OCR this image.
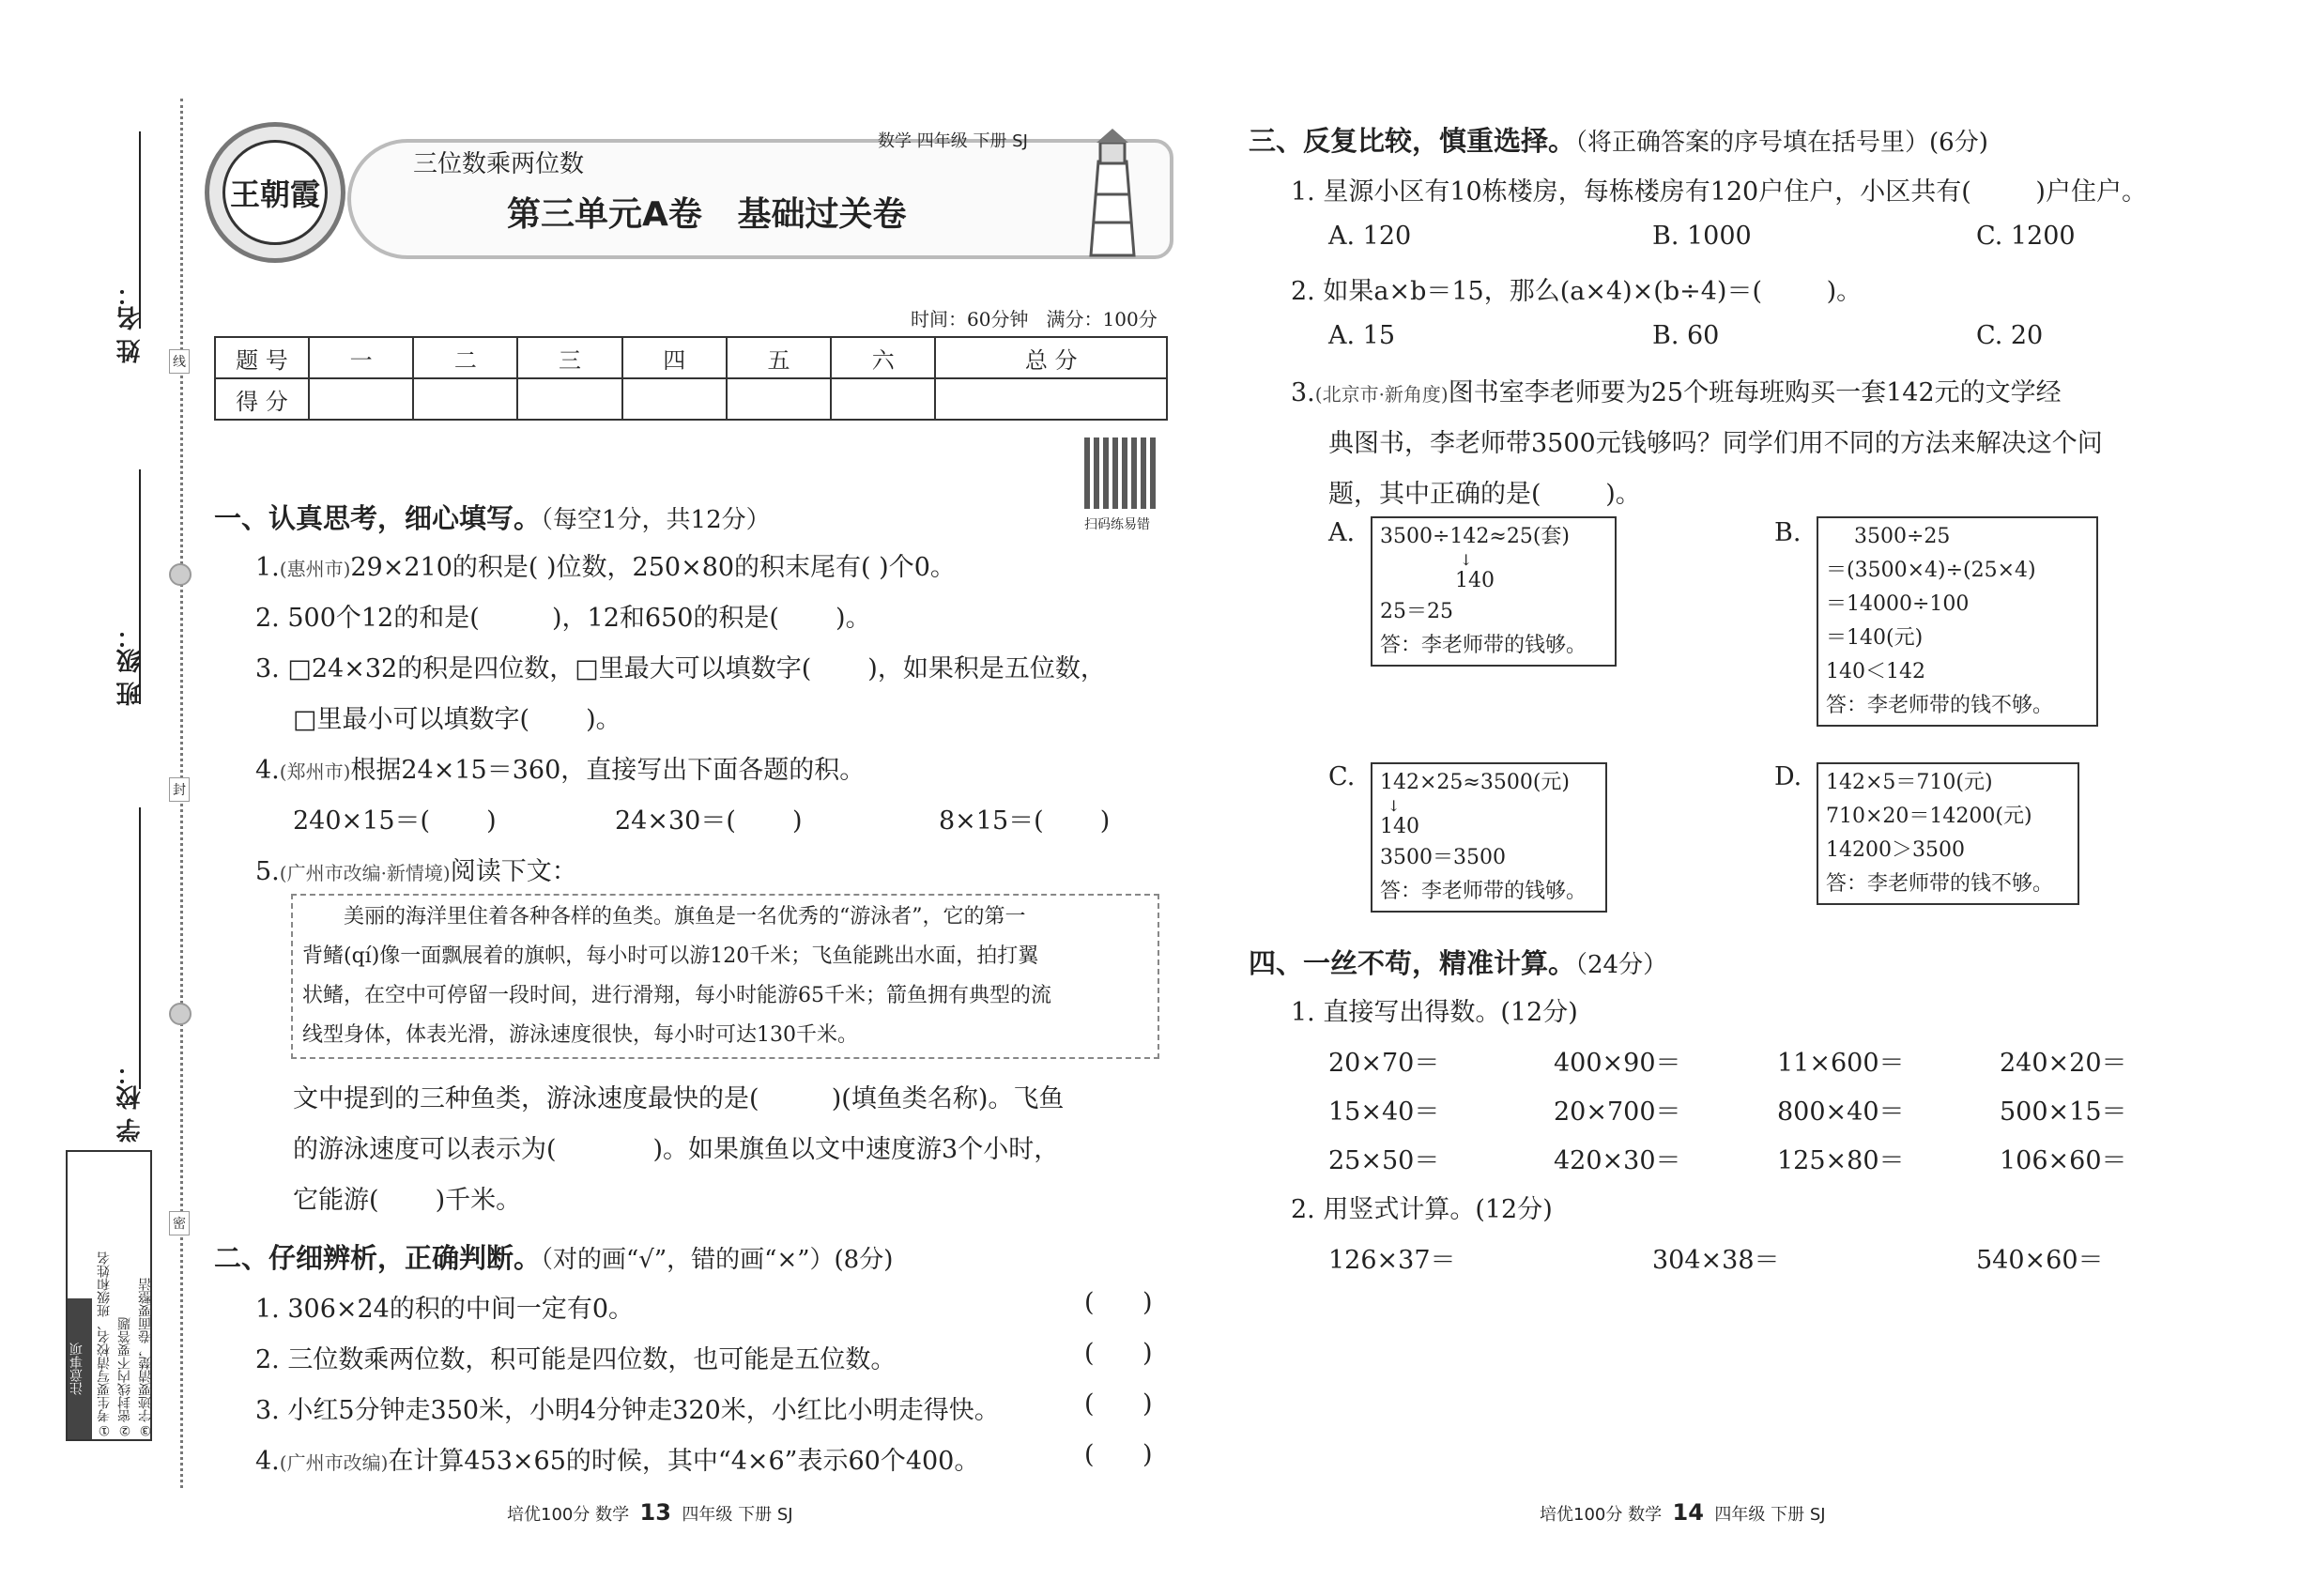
姓 名：
班 级：
学 校：
线
封
密
注意事项 ①考生要写清校名、班级和姓名 ②密封线内不要答题 ③字迹要清楚，卷面要整洁
王朝霞
三位数乘两位数
数学 四年级 下册 SJ
第三单元A卷   基础过关卷
时间：60分钟   满分：100分
题 号	一	二	三	四	五	六	总 分
得 分							
扫码练易错
一、认真思考，细心填写。（每空1分，共12分）
1.(惠州市)29×210的积是( )位数，250×80的积末尾有( )个0。
2. 500个12的和是(         )，12和650的积是(       )。
3. □24×32的积是四位数，□里最大可以填数字(       )，如果积是五位数，
□里最小可以填数字(       )。
4.(郑州市)根据24×15＝360，直接写出下面各题的积。
240×15＝(       )	24×30＝(       )	8×15＝(       )
5.(广州市改编·新情境)阅读下文：
　　美丽的海洋里住着各种各样的鱼类。旗鱼是一名优秀的“游泳者”，它的第一
背鳍(qí)像一面飘展着的旗帜，每小时可以游120千米；飞鱼能跳出水面，拍打翼
状鳍，在空中可停留一段时间，进行滑翔，每小时能游65千米；箭鱼拥有典型的流
线型身体，体表光滑，游泳速度很快，每小时可达130千米。
文中提到的三种鱼类，游泳速度最快的是(         )(填鱼类名称)。飞鱼
的游泳速度可以表示为(            )。如果旗鱼以文中速度游3个小时，
它能游(       )千米。
二、仔细辨析，正确判断。（对的画“√”，错的画“×”）(8分)
1. 306×24的积的中间一定有0。
2. 三位数乘两位数，积可能是四位数，也可能是五位数。
3. 小红5分钟走350米，小明4分钟走320米，小红比小明走得快。
4.(广州市改编)在计算453×65的时候，其中“4×6”表示60个400。
(      )
(      )
(      )
(      )
培优100分 数学 13 四年级 下册 SJ
三、反复比较，慎重选择。（将正确答案的序号填在括号里）(6分)
1. 星源小区有10栋楼房，每栋楼房有120户住户，小区共有(        )户住户。
A. 120	B. 1000	C. 1200
2. 如果a×b＝15，那么(a×4)×(b÷4)＝(        )。
A. 15	B. 60	C. 20
3.(北京市·新角度)图书室李老师要为25个班每班购买一套142元的文学经
典图书，李老师带3500元钱够吗？同学们用不同的方法来解决这个问
题，其中正确的是(        )。
A. 3500÷142≈25(套)
↓
140
25＝25
答：李老师带的钱够。
B.	3500÷25
＝(3500×4)÷(25×4)
＝14000÷100
＝140(元)
140＜142
答：李老师带的钱不够。
C. 142×25≈3500(元)
↓
140
3500＝3500
答：李老师带的钱够。
D. 142×5＝710(元)
710×20＝14200(元)
14200＞3500
答：李老师带的钱不够。
四、一丝不苟，精准计算。（24分）
1. 直接写出得数。(12分)
20×70＝	400×90＝	11×600＝	240×20＝
15×40＝	20×700＝	800×40＝	500×15＝
25×50＝	420×30＝	125×80＝	106×60＝
2. 用竖式计算。(12分)
126×37＝	304×38＝	540×60＝
培优100分 数学 14 四年级 下册 SJ
